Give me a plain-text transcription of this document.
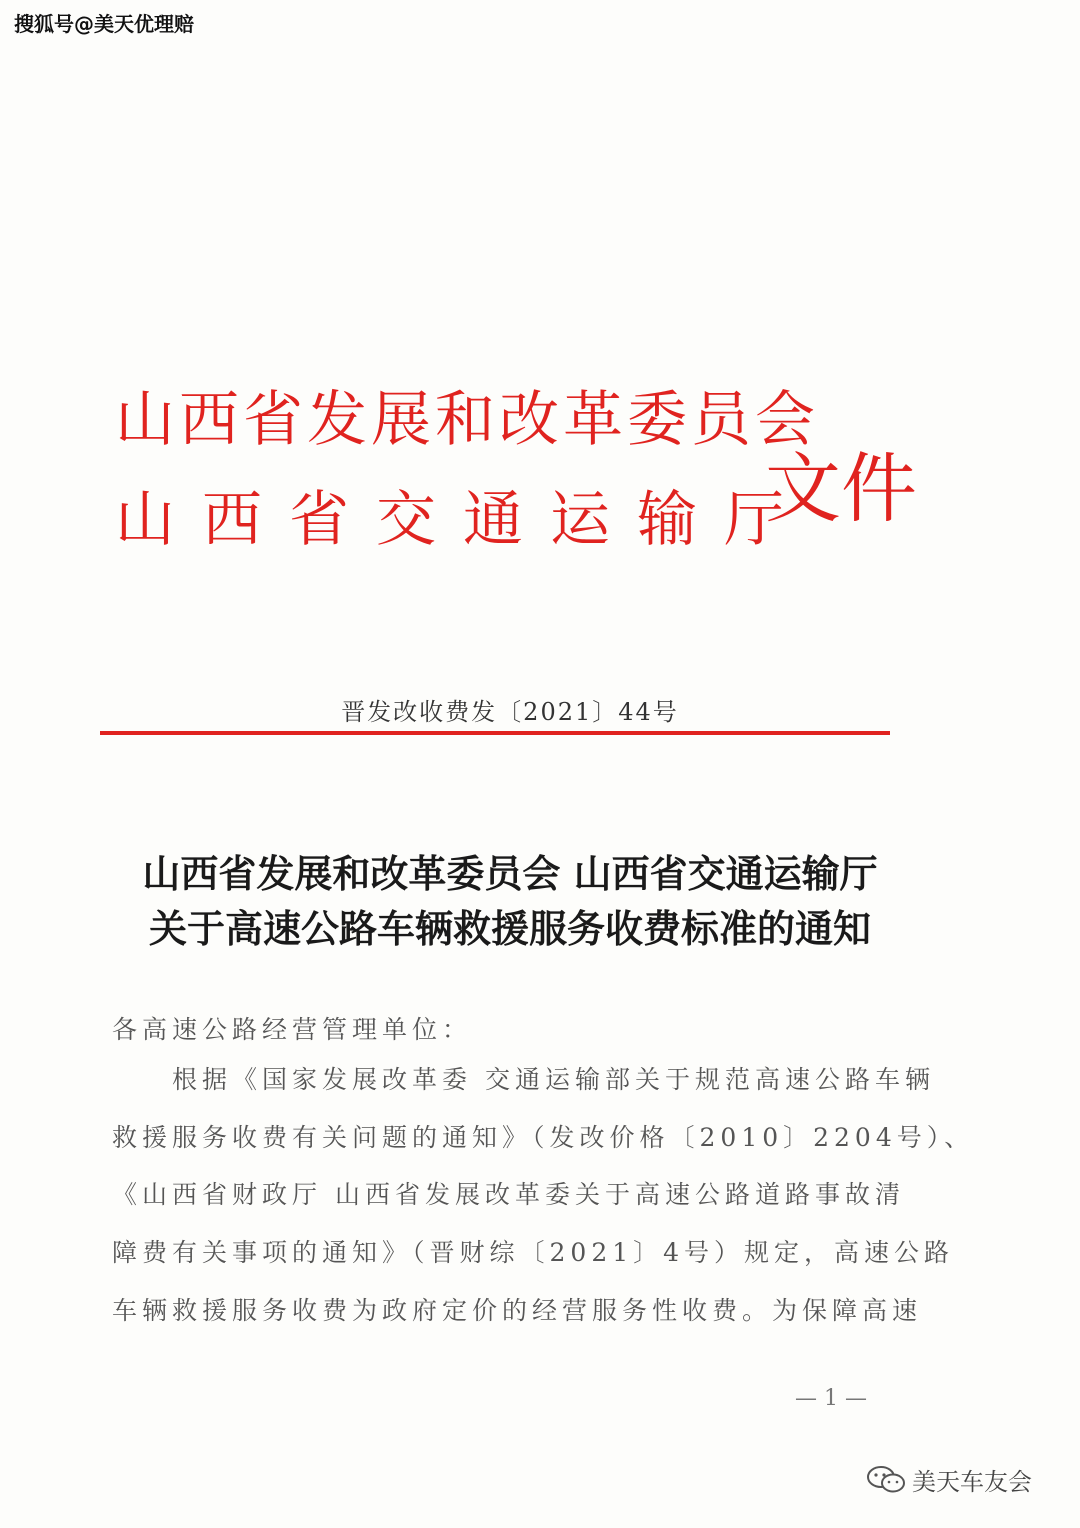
搜狐号@美天优理赔
山西省发展和改革委员会
山 西 省 交 通 运 输 厅
文件
晋发改收费发〔2021〕44号
山西省发展和改革委员会 山西省交通运输厅
关于高速公路车辆救援服务收费标准的通知
各高速公路经营管理单位：
根据《国家发展改革委 交通运输部关于规范高速公路车辆
救援服务收费有关问题的通知》（发改价格〔2010〕2204号）、
《山西省财政厅 山西省发展改革委关于高速公路道路事故清
障费有关事项的通知》（晋财综〔2021〕4号）规定，高速公路
车辆救援服务收费为政府定价的经营服务性收费。为保障高速
— 1 —
美天车友会
